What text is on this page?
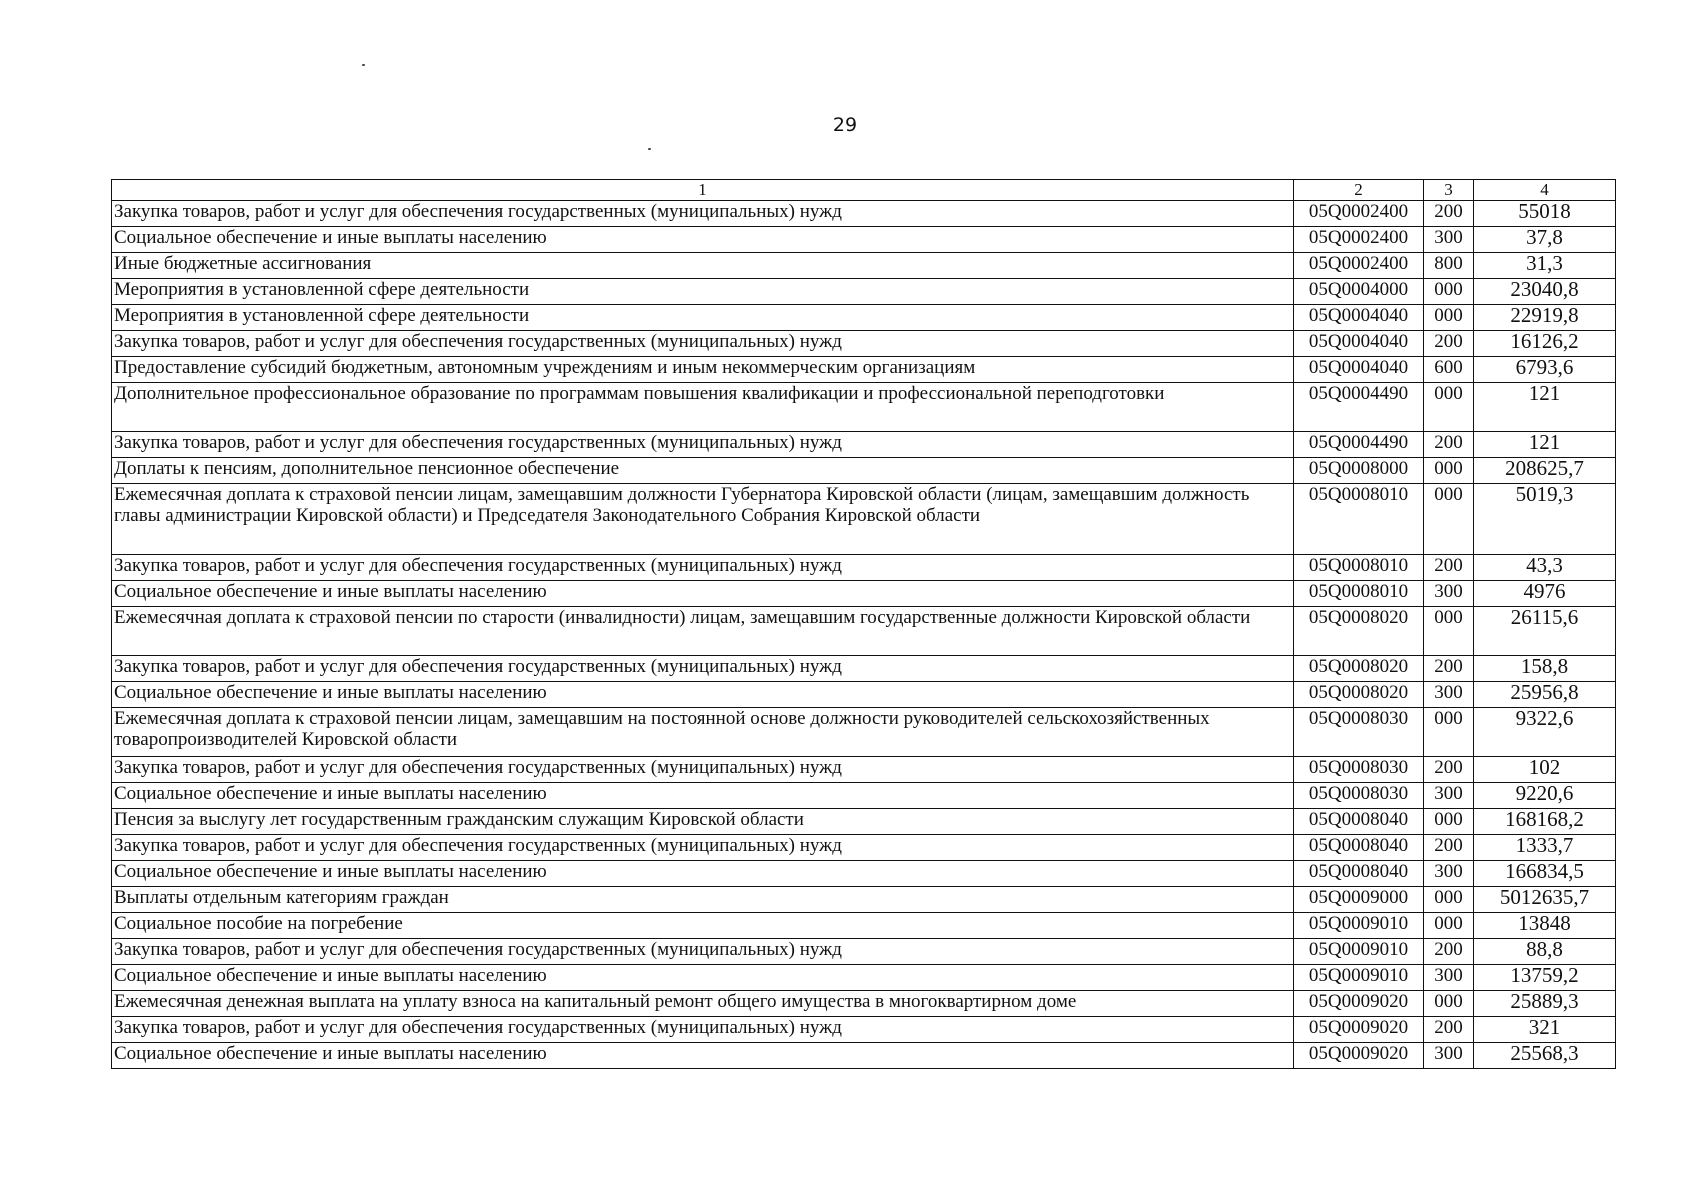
29
1	2	3	4
Закупка товаров, работ и услуг для обеспечения государственных (муниципальных) нужд	05Q0002400	200	55018
Социальное обеспечение и иные выплаты населению	05Q0002400	300	37,8
Иные бюджетные ассигнования	05Q0002400	800	31,3
Мероприятия в установленной сфере деятельности	05Q0004000	000	23040,8
Мероприятия в установленной сфере деятельности	05Q0004040	000	22919,8
Закупка товаров, работ и услуг для обеспечения государственных (муниципальных) нужд	05Q0004040	200	16126,2
Предоставление субсидий бюджетным, автономным учреждениям и иным некоммерческим организациям	05Q0004040	600	6793,6
Дополнительное профессиональное образование по программам повышения квалификации и профессиональной переподготовки	05Q0004490	000	121
Закупка товаров, работ и услуг для обеспечения государственных (муниципальных) нужд	05Q0004490	200	121
Доплаты к пенсиям, дополнительное пенсионное обеспечение	05Q0008000	000	208625,7
Ежемесячная доплата к страховой пенсии лицам, замещавшим должности Губернатора Кировской области (лицам, замещавшим должность главы администрации Кировской области) и Председателя Законодательного Собрания Кировской области	05Q0008010	000	5019,3
Закупка товаров, работ и услуг для обеспечения государственных (муниципальных) нужд	05Q0008010	200	43,3
Социальное обеспечение и иные выплаты населению	05Q0008010	300	4976
Ежемесячная доплата к страховой пенсии по старости (инвалидности) лицам, замещавшим государственные должности Кировской области	05Q0008020	000	26115,6
Закупка товаров, работ и услуг для обеспечения государственных (муниципальных) нужд	05Q0008020	200	158,8
Социальное обеспечение и иные выплаты населению	05Q0008020	300	25956,8
Ежемесячная доплата к страховой пенсии лицам, замещавшим на постоянной основе должности руководителей сельскохозяйственных товаропроизводителей Кировской области	05Q0008030	000	9322,6
Закупка товаров, работ и услуг для обеспечения государственных (муниципальных) нужд	05Q0008030	200	102
Социальное обеспечение и иные выплаты населению	05Q0008030	300	9220,6
Пенсия за выслугу лет государственным гражданским служащим Кировской области	05Q0008040	000	168168,2
Закупка товаров, работ и услуг для обеспечения государственных (муниципальных) нужд	05Q0008040	200	1333,7
Социальное обеспечение и иные выплаты населению	05Q0008040	300	166834,5
Выплаты отдельным категориям граждан	05Q0009000	000	5012635,7
Социальное пособие на погребение	05Q0009010	000	13848
Закупка товаров, работ и услуг для обеспечения государственных (муниципальных) нужд	05Q0009010	200	88,8
Социальное обеспечение и иные выплаты населению	05Q0009010	300	13759,2
Ежемесячная денежная выплата на уплату взноса на капитальный ремонт общего имущества в многоквартирном доме	05Q0009020	000	25889,3
Закупка товаров, работ и услуг для обеспечения государственных (муниципальных) нужд	05Q0009020	200	321
Социальное обеспечение и иные выплаты населению	05Q0009020	300	25568,3
